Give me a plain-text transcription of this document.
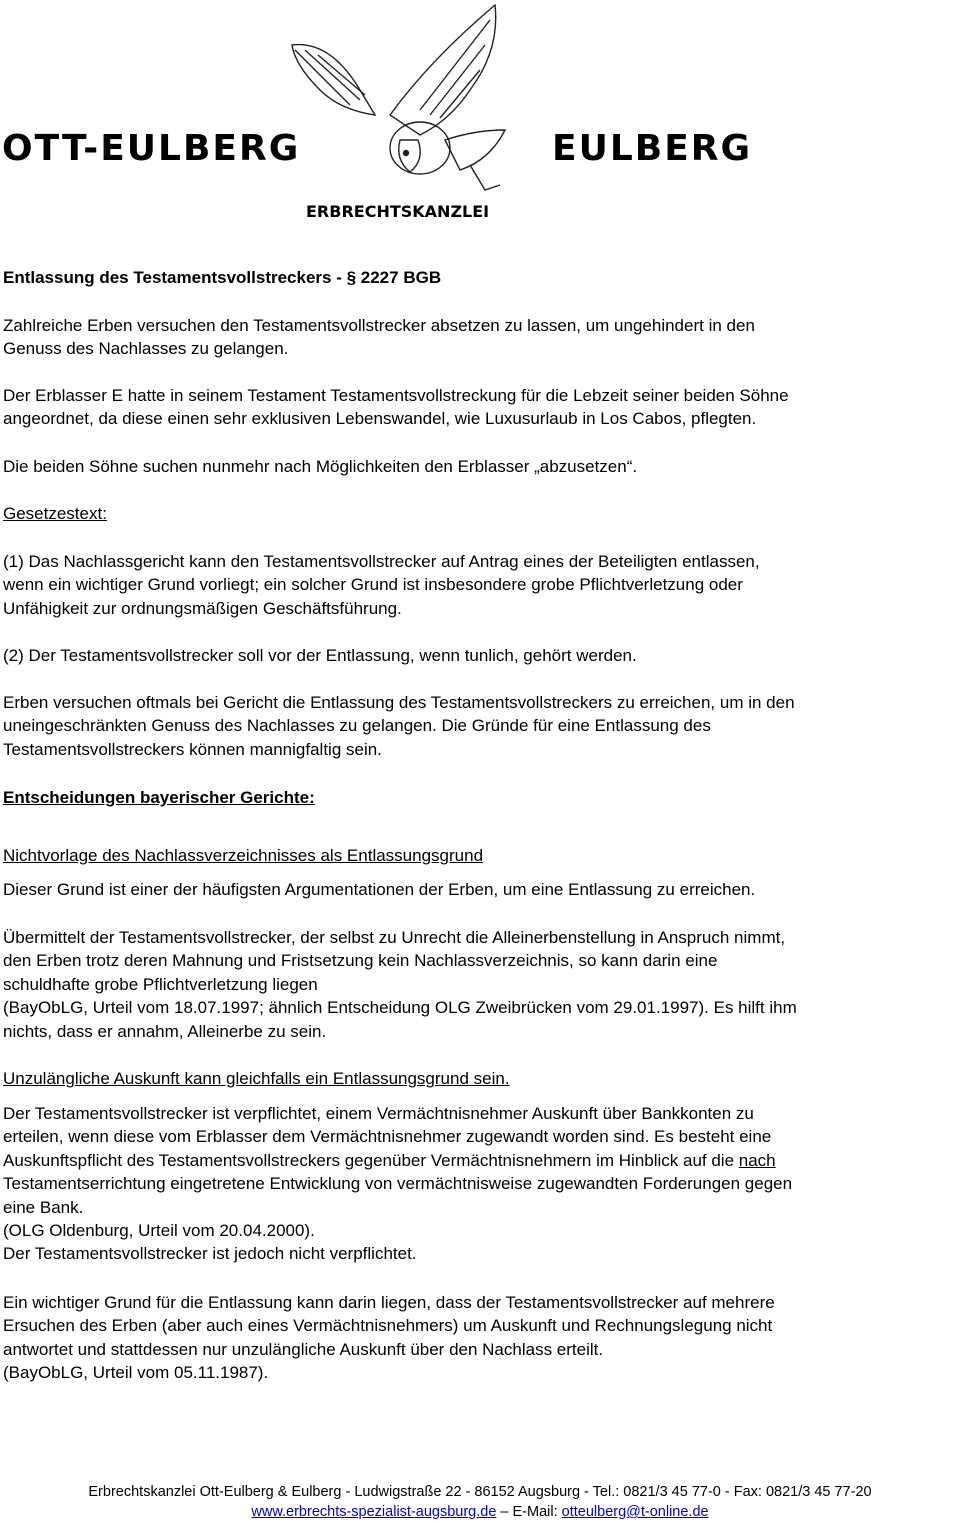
OTT-EULBERG	EULBERG
ERBRECHTSKANZLEI
Entlassung des Testamentsvollstreckers - § 2227 BGB
Zahlreiche Erben versuchen den Testamentsvollstrecker absetzen zu lassen, um ungehindert in den
Genuss des Nachlasses zu gelangen.
Der Erblasser E hatte in seinem Testament Testamentsvollstreckung für die Lebzeit seiner beiden Söhne
angeordnet, da diese einen sehr exklusiven Lebenswandel, wie Luxusurlaub in Los Cabos, pflegten.
Die beiden Söhne suchen nunmehr nach Möglichkeiten den Erblasser „abzusetzen“.
Gesetzestext:
(1) Das Nachlassgericht kann den Testamentsvollstrecker auf Antrag eines der Beteiligten entlassen,
wenn ein wichtiger Grund vorliegt; ein solcher Grund ist insbesondere grobe Pflichtverletzung oder
Unfähigkeit zur ordnungsmäßigen Geschäftsführung.
(2) Der Testamentsvollstrecker soll vor der Entlassung, wenn tunlich, gehört werden.
Erben versuchen oftmals bei Gericht die Entlassung des Testamentsvollstreckers zu erreichen, um in den
uneingeschränkten Genuss des Nachlasses zu gelangen. Die Gründe für eine Entlassung des
Testamentsvollstreckers können mannigfaltig sein.
Entscheidungen bayerischer Gerichte:
Nichtvorlage des Nachlassverzeichnisses als Entlassungsgrund
Dieser Grund ist einer der häufigsten Argumentationen der Erben, um eine Entlassung zu erreichen.
Übermittelt der Testamentsvollstrecker, der selbst zu Unrecht die Alleinerbenstellung in Anspruch nimmt,
den Erben trotz deren Mahnung und Fristsetzung kein Nachlassverzeichnis, so kann darin eine
schuldhafte grobe Pflichtverletzung liegen
(BayObLG, Urteil vom 18.07.1997; ähnlich Entscheidung OLG Zweibrücken vom 29.01.1997). Es hilft ihm
nichts, dass er annahm, Alleinerbe zu sein.
Unzulängliche Auskunft kann gleichfalls ein Entlassungsgrund sein.
Der Testamentsvollstrecker ist verpflichtet, einem Vermächtnisnehmer Auskunft über Bankkonten zu
erteilen, wenn diese vom Erblasser dem Vermächtnisnehmer zugewandt worden sind. Es besteht eine
Auskunftspflicht des Testamentsvollstreckers gegenüber Vermächtnisnehmern im Hinblick auf die nach
Testamentserrichtung eingetretene Entwicklung von vermächtnisweise zugewandten Forderungen gegen
eine Bank.
(OLG Oldenburg, Urteil vom 20.04.2000).
Der Testamentsvollstrecker ist jedoch nicht verpflichtet.
Ein wichtiger Grund für die Entlassung kann darin liegen, dass der Testamentsvollstrecker auf mehrere
Ersuchen des Erben (aber auch eines Vermächtnisnehmers) um Auskunft und Rechnungslegung nicht
antwortet und stattdessen nur unzulängliche Auskunft über den Nachlass erteilt.
(BayObLG, Urteil vom 05.11.1987).
Erbrechtskanzlei Ott-Eulberg & Eulberg - Ludwigstraße 22 - 86152 Augsburg - Tel.: 0821/3 45 77-0 - Fax: 0821/3 45 77-20
www.erbrechts-spezialist-augsburg.de – E-Mail: otteulberg@t-online.de
